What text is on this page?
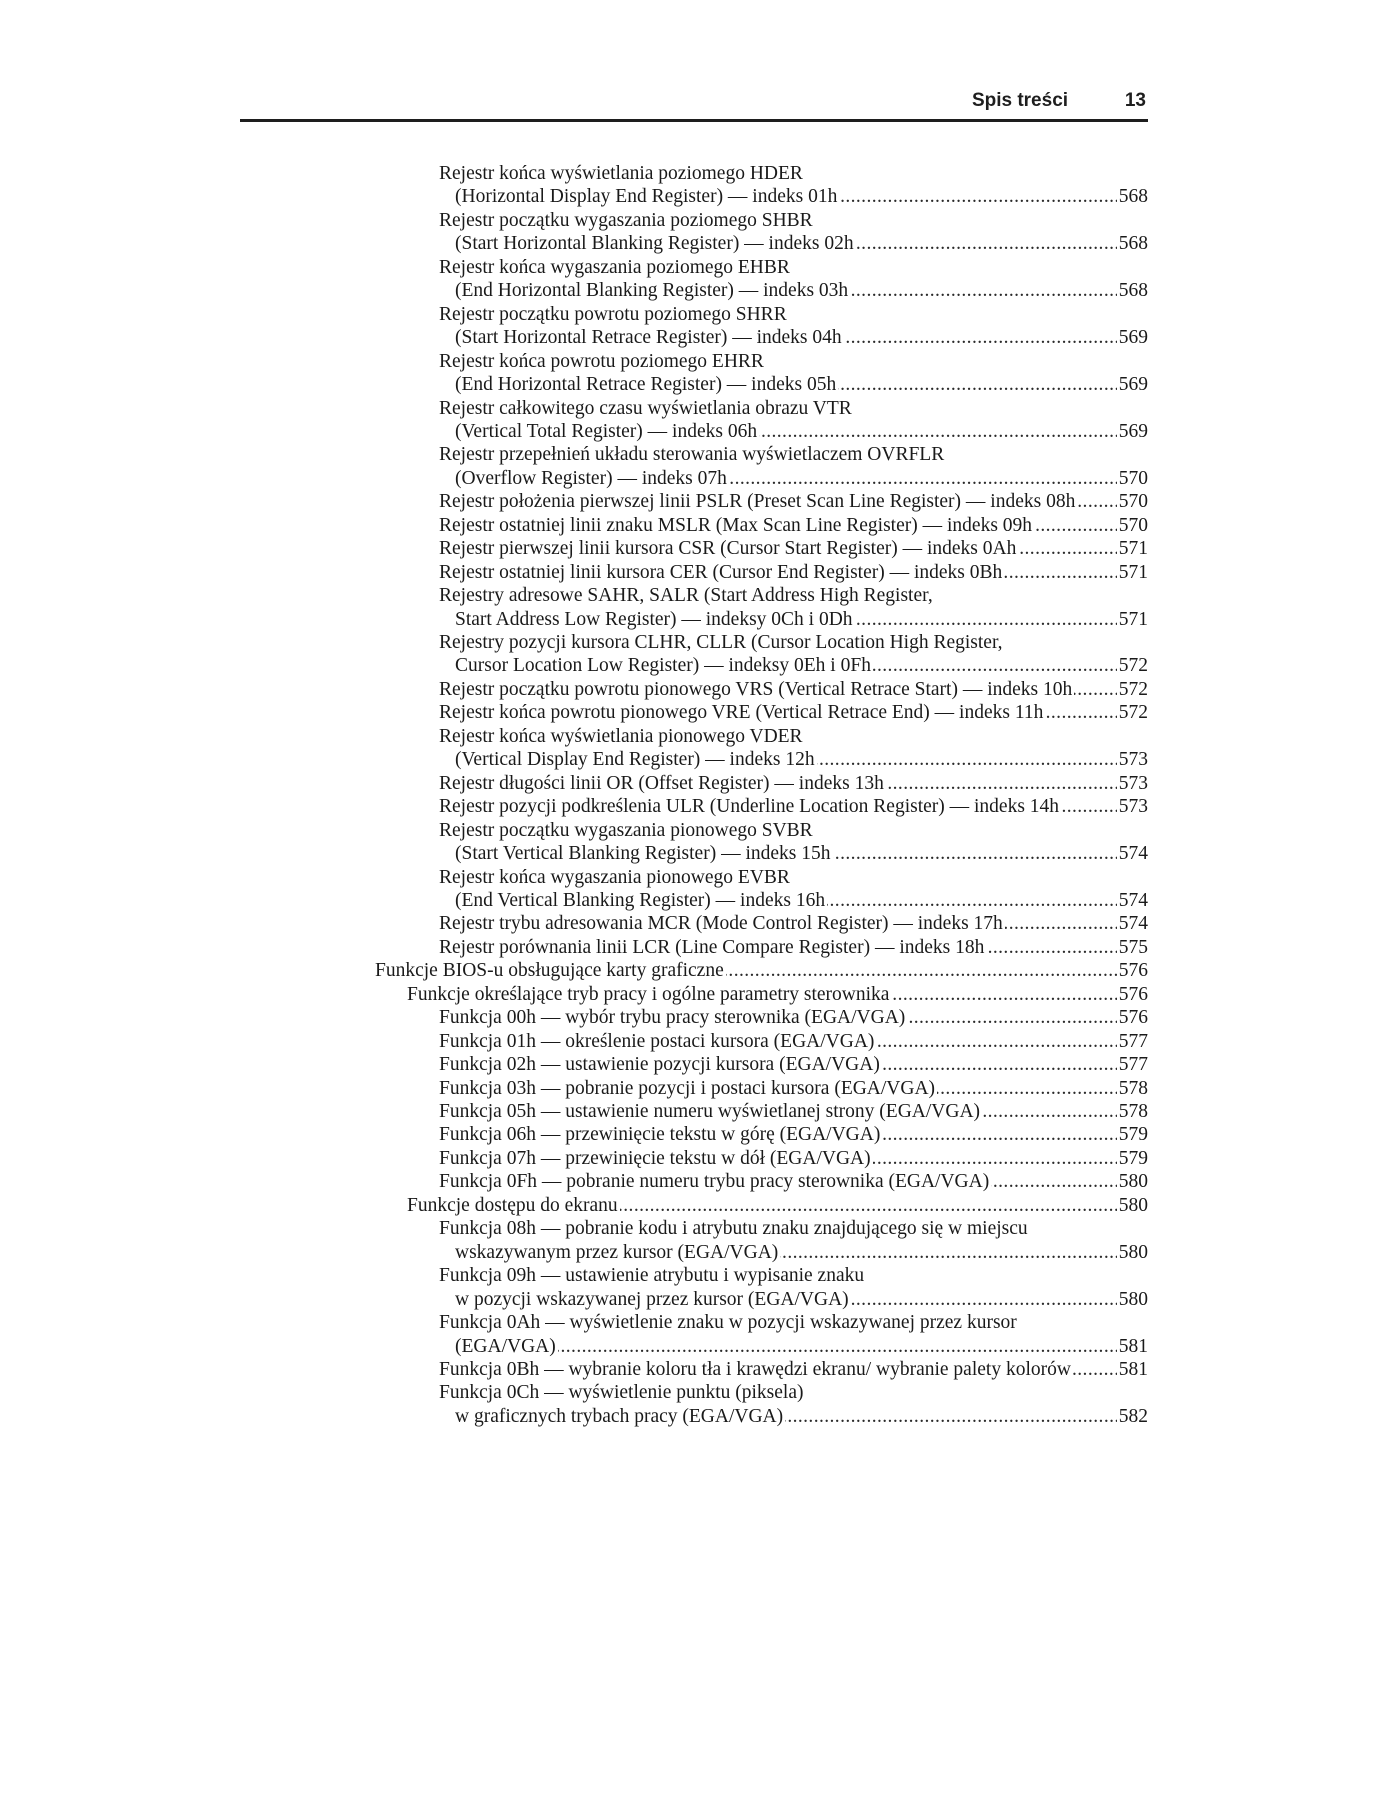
Spis treści	13
Rejestr końca wyświetlania poziomego HDER
(Horizontal Display End Register) — indeks 01h	568
.....
Rejestr początku wygaszania poziomego SHBR
(Start Horizontal Blanking Register) — indeks 02h	568
.....
Rejestr końca wygaszania poziomego EHBR
(End Horizontal Blanking Register) — indeks 03h	568
.....
Rejestr początku powrotu poziomego SHRR
(Start Horizontal Retrace Register) — indeks 04h	569
.....
Rejestr końca powrotu poziomego EHRR
(End Horizontal Retrace Register) — indeks 05h	569
.....
Rejestr całkowitego czasu wyświetlania obrazu VTR
(Vertical Total Register) — indeks 06h	569
.....
Rejestr przepełnień układu sterowania wyświetlaczem OVRFLR
(Overflow Register) — indeks 07h	570
.....
Rejestr położenia pierwszej linii PSLR (Preset Scan Line Register) — indeks 08h 570
.....
Rejestr ostatniej linii znaku MSLR (Max Scan Line Register) — indeks 09h	570
.....
Rejestr pierwszej linii kursora CSR (Cursor Start Register) — indeks 0Ah	571
.....
Rejestr ostatniej linii kursora CER (Cursor End Register) — indeks 0Bh	571
.....
Rejestry adresowe SAHR, SALR (Start Address High Register,
Start Address Low Register) — indeksy 0Ch i 0Dh	571
.....
Rejestry pozycji kursora CLHR, CLLR (Cursor Location High Register,
Cursor Location Low Register) — indeksy 0Eh i 0Fh	572
.....
Rejestr początku powrotu pionowego VRS (Vertical Retrace Start) — indeks 10h 572
.....
Rejestr końca powrotu pionowego VRE (Vertical Retrace End) — indeks 11h	572
.....
Rejestr końca wyświetlania pionowego VDER
(Vertical Display End Register) — indeks 12h	573
.....
Rejestr długości linii OR (Offset Register) — indeks 13h	573
.....
Rejestr pozycji podkreślenia ULR (Underline Location Register) — indeks 14h	573
.....
Rejestr początku wygaszania pionowego SVBR
(Start Vertical Blanking Register) — indeks 15h	574
.....
Rejestr końca wygaszania pionowego EVBR
(End Vertical Blanking Register) — indeks 16h	574
.....
Rejestr trybu adresowania MCR (Mode Control Register) — indeks 17h	574
.....
Rejestr porównania linii LCR (Line Compare Register) — indeks 18h	575
.....
Funkcje BIOS-u obsługujące karty graficzne	576
.....
Funkcje określające tryb pracy i ogólne parametry sterownika	576
.....
Funkcja 00h — wybór trybu pracy sterownika (EGA/VGA)	576
.....
Funkcja 01h — określenie postaci kursora (EGA/VGA)	577
.....
Funkcja 02h — ustawienie pozycji kursora (EGA/VGA)	577
.....
Funkcja 03h — pobranie pozycji i postaci kursora (EGA/VGA)	578
.....
Funkcja 05h — ustawienie numeru wyświetlanej strony (EGA/VGA)	578
.....
Funkcja 06h — przewinięcie tekstu w górę (EGA/VGA)	579
.....
Funkcja 07h — przewinięcie tekstu w dół (EGA/VGA)	579
.....
Funkcja 0Fh — pobranie numeru trybu pracy sterownika (EGA/VGA)	580
.....
Funkcje dostępu do ekranu	580
.....
Funkcja 08h — pobranie kodu i atrybutu znaku znajdującego się w miejscu
wskazywanym przez kursor (EGA/VGA)	580
.....
Funkcja 09h — ustawienie atrybutu i wypisanie znaku
w pozycji wskazywanej przez kursor (EGA/VGA)	580
.....
Funkcja 0Ah — wyświetlenie znaku w pozycji wskazywanej przez kursor
(EGA/VGA)	581
.....
Funkcja 0Bh — wybranie koloru tła i krawędzi ekranu/ wybranie palety kolorów 581
.....
Funkcja 0Ch — wyświetlenie punktu (piksela)
w graficznych trybach pracy (EGA/VGA)	582
.....
